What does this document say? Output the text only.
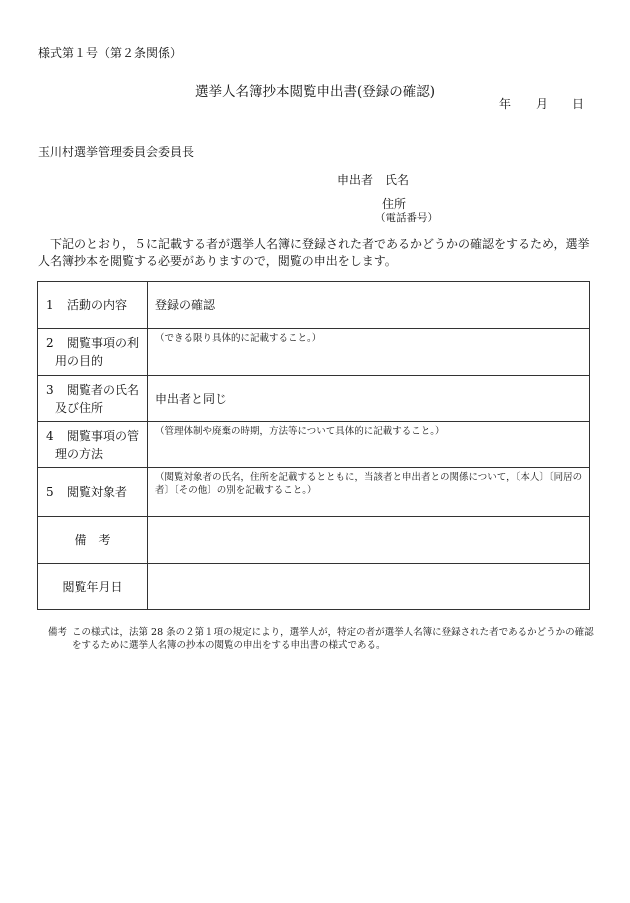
様式第１号（第２条関係）
選挙人名簿抄本閲覧申出書(登録の確認)
年 月 日
玉川村選挙管理委員会委員長
申出者　氏名
住所
（電話番号）
下記のとおり，５に記載する者が選挙人名簿に登録された者であるかどうかの確認をするため，選挙人名簿抄本を閲覧する必要がありますので，閲覧の申出をします。
1 活動の内容	登録の確認

2 閲覧事項の利
用の目的	（できる限り具体的に記載すること。）

3 閲覧者の氏名
及び住所	申出者と同じ

4 閲覧事項の管
理の方法	（管理体制や廃棄の時期，方法等について具体的に記載すること。）

5 閲覧対象者	（閲覧対象者の氏名，住所を記載するとともに，当該者と申出者との関係について，〔本人〕〔同居の者〕〔その他〕の別を記載すること。）

備　考	
閲覧年月日	
備考 この様式は，法第 28 条の２第１項の規定により，選挙人が，特定の者が選挙人名簿に登録された者であるかどうかの確認をするために選挙人名簿の抄本の閲覧の申出をする申出書の様式である。
